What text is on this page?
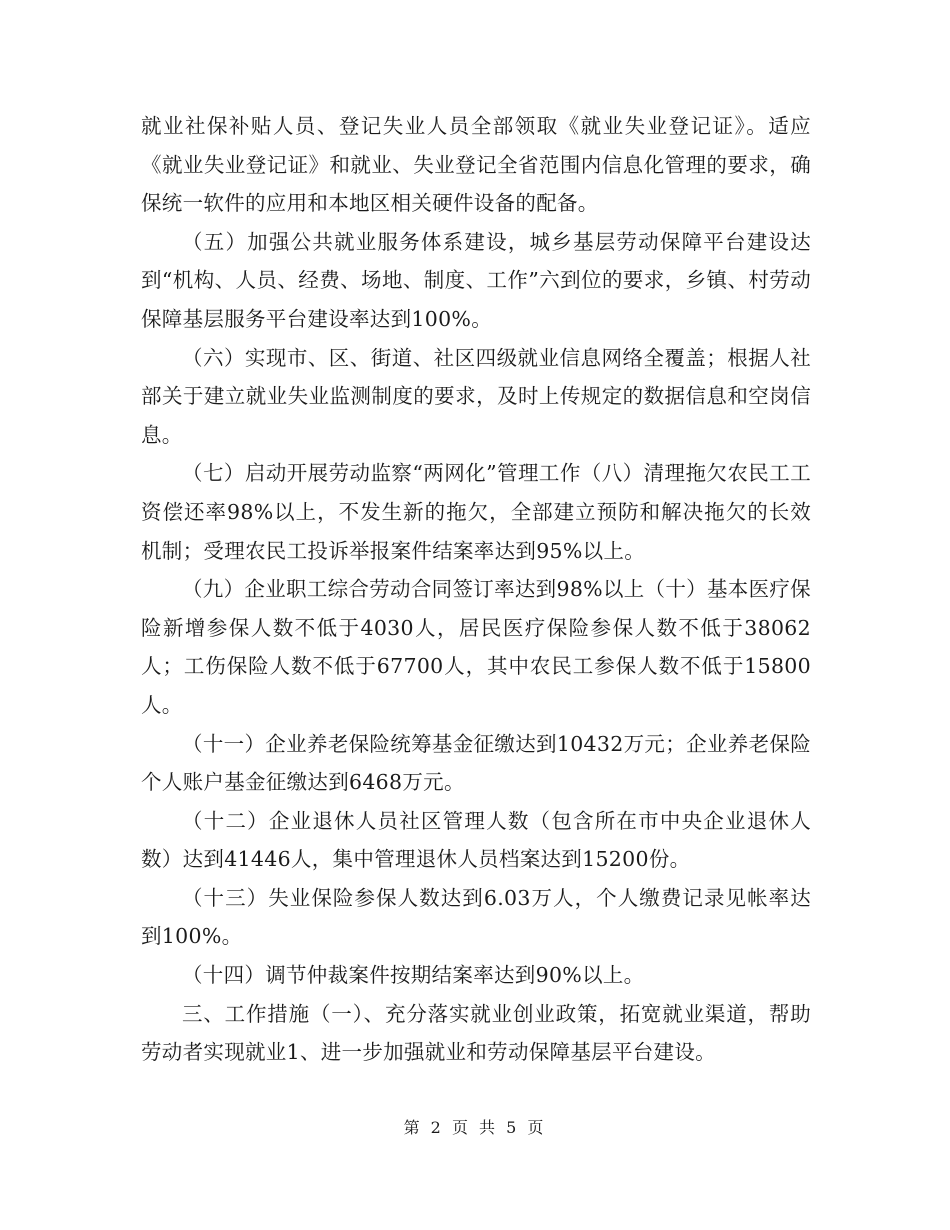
就业社保补贴人员、登记失业人员全部领取《就业失业登记证》。适应《就业失业登记证》和就业、失业登记全省范围内信息化管理的要求，确保统一软件的应用和本地区相关硬件设备的配备。

（五）加强公共就业服务体系建设，城乡基层劳动保障平台建设达到“机构、人员、经费、场地、制度、工作”六到位的要求，乡镇、村劳动保障基层服务平台建设率达到100%。

（六）实现市、区、街道、社区四级就业信息网络全覆盖；根据人社部关于建立就业失业监测制度的要求，及时上传规定的数据信息和空岗信息。

（七）启动开展劳动监察“两网化”管理工作（八）清理拖欠农民工工资偿还率98%以上，不发生新的拖欠，全部建立预防和解决拖欠的长效机制；受理农民工投诉举报案件结案率达到95%以上。

（九）企业职工综合劳动合同签订率达到98%以上（十）基本医疗保险新增参保人数不低于4030人，居民医疗保险参保人数不低于38062人；工伤保险人数不低于67700人，其中农民工参保人数不低于15800人。

（十一）企业养老保险统筹基金征缴达到10432万元；企业养老保险个人账户基金征缴达到6468万元。

（十二）企业退休人员社区管理人数（包含所在市中央企业退休人数）达到41446人，集中管理退休人员档案达到15200份。

（十三）失业保险参保人数达到6.03万人，个人缴费记录见帐率达到100%。

（十四）调节仲裁案件按期结案率达到90%以上。

三、工作措施（一）、充分落实就业创业政策，拓宽就业渠道，帮助劳动者实现就业1、进一步加强就业和劳动保障基层平台建设。

第 2 页 共 5 页
